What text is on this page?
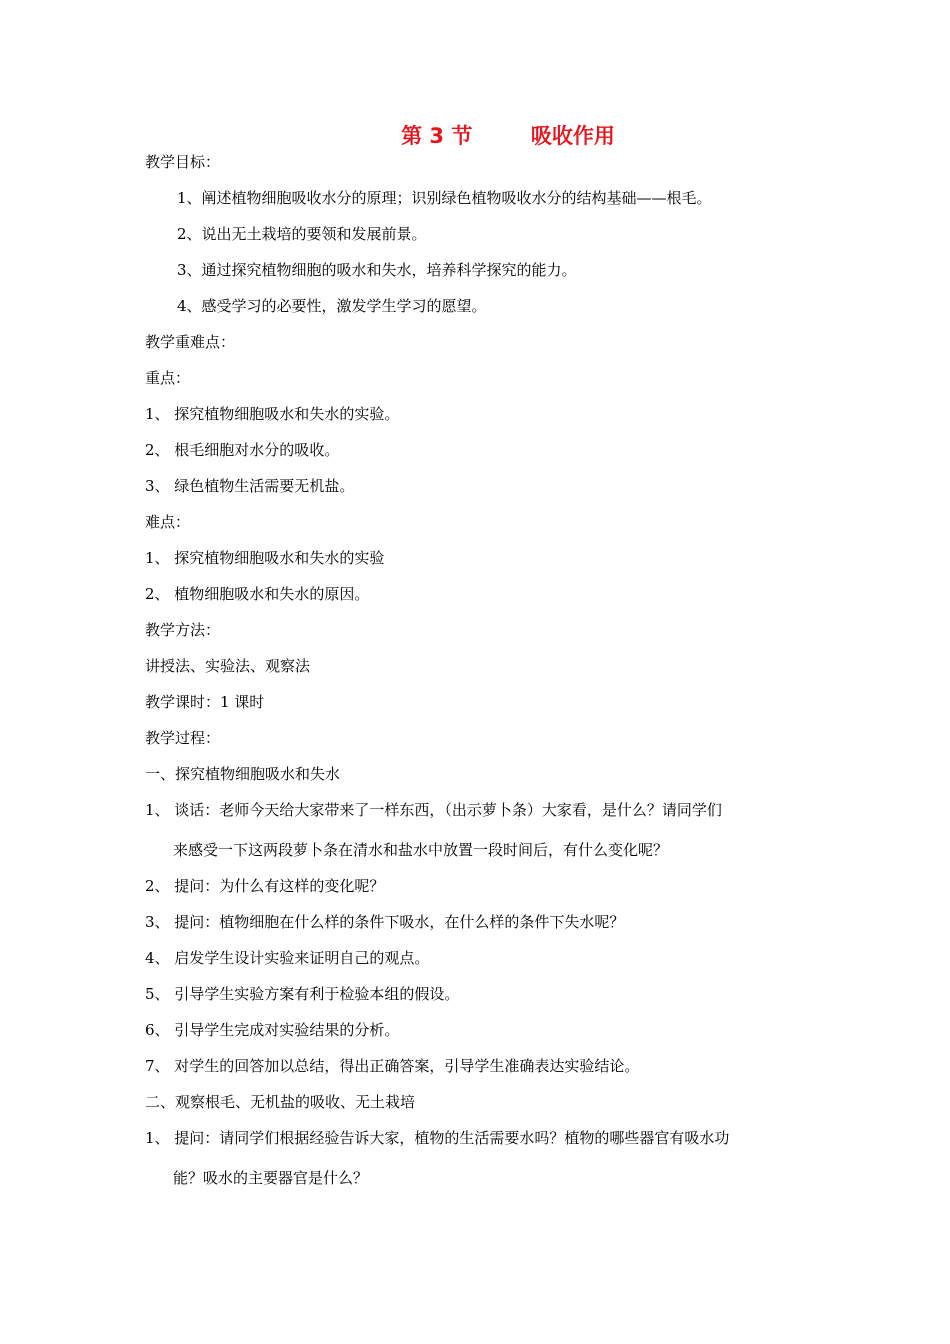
第 3 节	吸收作用
教学目标：
1、阐述植物细胞吸收水分的原理；识别绿色植物吸收水分的结构基础——根毛。
2、说出无土栽培的要领和发展前景。
3、通过探究植物细胞的吸水和失水，培养科学探究的能力。
4、感受学习的必要性，激发学生学习的愿望。
教学重难点：
重点：
1、 探究植物细胞吸水和失水的实验。
2、 根毛细胞对水分的吸收。
3、 绿色植物生活需要无机盐。
难点：
1、 探究植物细胞吸水和失水的实验
2、 植物细胞吸水和失水的原因。
教学方法：
讲授法、实验法、观察法
教学课时：1 课时
教学过程：
一、探究植物细胞吸水和失水
1、 谈话：老师今天给大家带来了一样东西，（出示萝卜条）大家看，是什么？请同学们
来感受一下这两段萝卜条在清水和盐水中放置一段时间后，有什么变化呢？
2、 提问：为什么有这样的变化呢？
3、 提问：植物细胞在什么样的条件下吸水，在什么样的条件下失水呢？
4、 启发学生设计实验来证明自己的观点。
5、 引导学生实验方案有利于检验本组的假设。
6、 引导学生完成对实验结果的分析。
7、 对学生的回答加以总结，得出正确答案，引导学生准确表达实验结论。
二、观察根毛、无机盐的吸收、无土栽培
1、 提问：请同学们根据经验告诉大家，植物的生活需要水吗？植物的哪些器官有吸水功
能？吸水的主要器官是什么？
